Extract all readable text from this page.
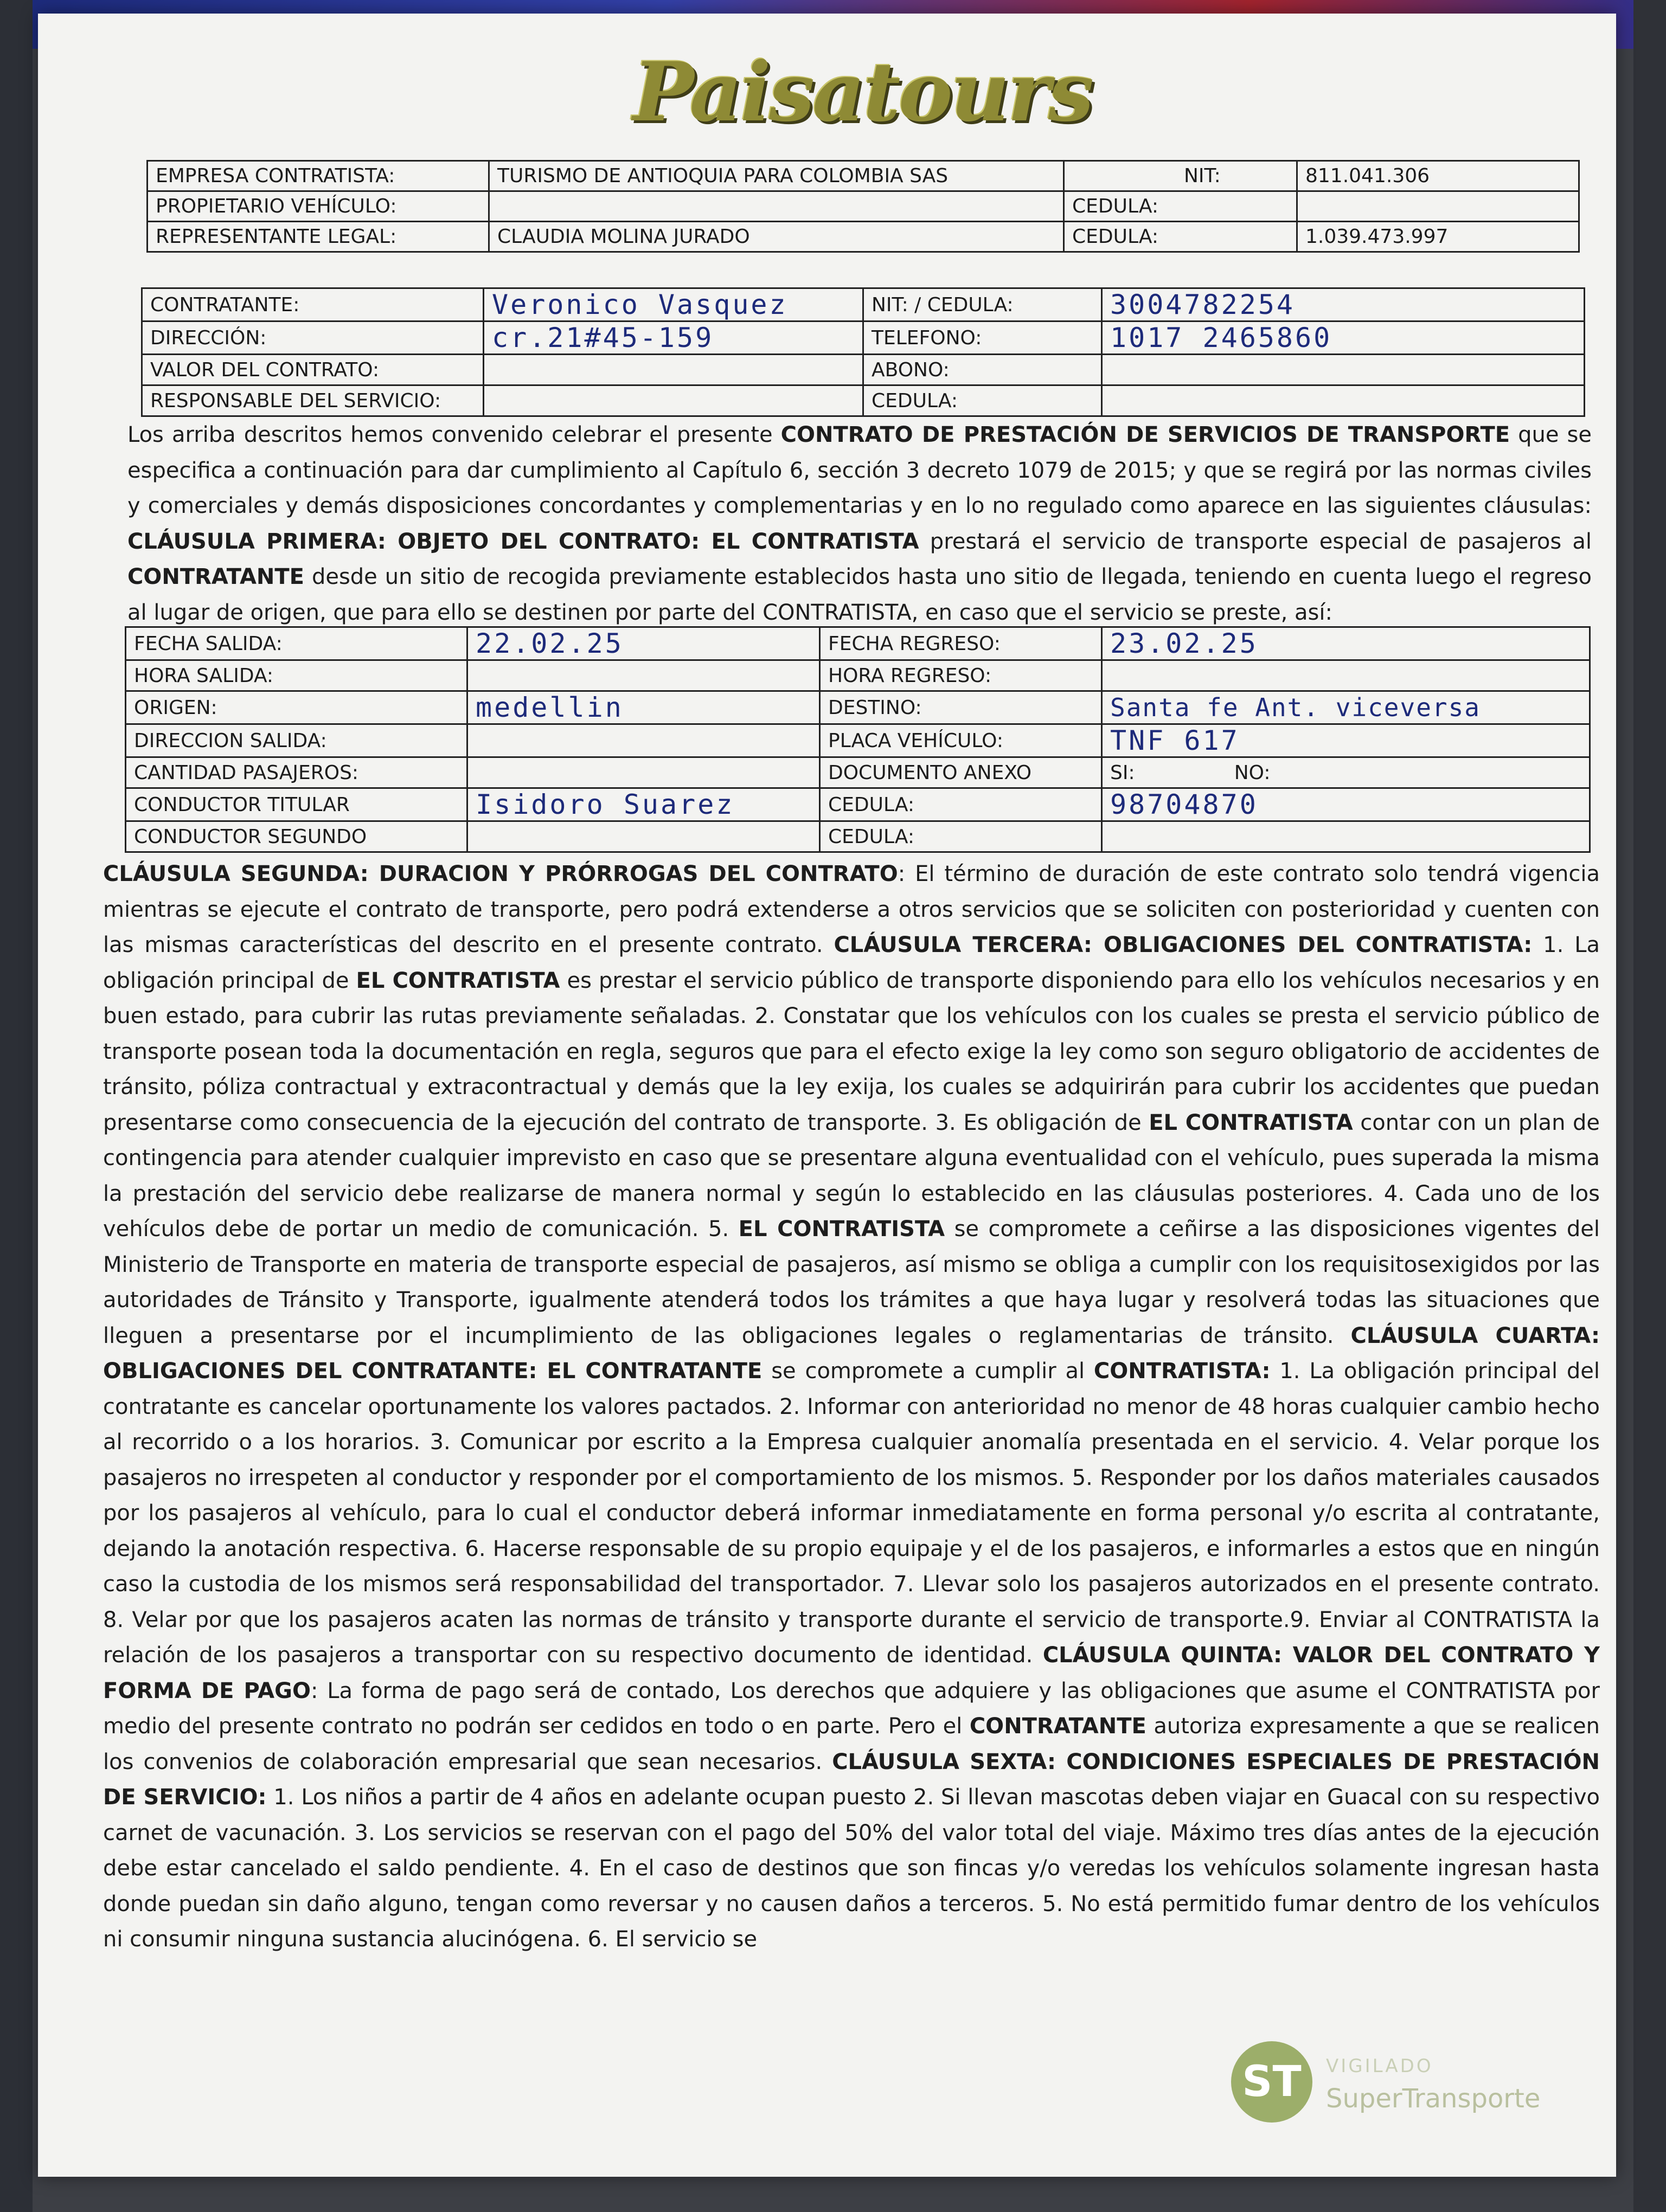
Paisatours
EMPRESA CONTRATISTA:	TURISMO DE ANTIOQUIA PARA COLOMBIA SAS	NIT:	811.041.306
PROPIETARIO VEHÍCULO:		CEDULA:	
REPRESENTANTE LEGAL:	CLAUDIA MOLINA JURADO	CEDULA:	1.039.473.997
CONTRATANTE:	Veronico Vasquez	NIT: / CEDULA:	3004782254
DIRECCIÓN:	cr.21#45-159	TELEFONO:	1017 2465860
VALOR DEL CONTRATO:		ABONO:	
RESPONSABLE DEL SERVICIO:		CEDULA:	

Los arriba descritos hemos convenido celebrar el presente CONTRATO DE PRESTACIÓN DE SERVICIOS DE TRANSPORTE que se especifica a continuación para dar cumplimiento al Capítulo 6, sección 3 decreto 1079 de 2015; y que se regirá por las normas civiles y comerciales y demás disposiciones concordantes y complementarias y en lo no regulado como aparece en las siguientes cláusulas: CLÁUSULA PRIMERA: OBJETO DEL CONTRATO: EL CONTRATISTA prestará el servicio de transporte especial de pasajeros al CONTRATANTE desde un sitio de recogida previamente establecidos hasta uno sitio de llegada, teniendo en cuenta luego el regreso al lugar de origen, que para ello se destinen por parte del CONTRATISTA, en caso que el servicio se preste, así:

FECHA SALIDA:	22.02.25	FECHA REGRESO:	23.02.25
HORA SALIDA:		HORA REGRESO:	
ORIGEN:	medellin	DESTINO:	Santa fe Ant. viceversa
DIRECCION SALIDA:		PLACA VEHÍCULO:	TNF 617
CANTIDAD PASAJEROS:		DOCUMENTO ANEXO	SI:                NO:
CONDUCTOR TITULAR	Isidoro Suarez	CEDULA:	98704870
CONDUCTOR SEGUNDO		CEDULA:	

CLÁUSULA SEGUNDA: DURACION Y PRÓRROGAS DEL CONTRATO: El término de duración de este contrato solo tendrá vigencia mientras se ejecute el contrato de transporte, pero podrá extenderse a otros servicios que se soliciten con posterioridad y cuenten con las mismas características del descrito en el presente contrato. CLÁUSULA TERCERA: OBLIGACIONES DEL CONTRATISTA: 1. La obligación principal de EL CONTRATISTA es prestar el servicio público de transporte disponiendo para ello los vehículos necesarios y en buen estado, para cubrir las rutas previamente señaladas. 2. Constatar que los vehículos con los cuales se presta el servicio público de transporte posean toda la documentación en regla, seguros que para el efecto exige la ley como son seguro obligatorio de accidentes de tránsito, póliza contractual y extracontractual y demás que la ley exija, los cuales se adquirirán para cubrir los accidentes que puedan presentarse como consecuencia de la ejecución del contrato de transporte. 3. Es obligación de EL CONTRATISTA contar con un plan de contingencia para atender cualquier imprevisto en caso que se presentare alguna eventualidad con el vehículo, pues superada la misma la prestación del servicio debe realizarse de manera normal y según lo establecido en las cláusulas posteriores. 4. Cada uno de los vehículos debe de portar un medio de comunicación. 5. EL CONTRATISTA se compromete a ceñirse a las disposiciones vigentes del Ministerio de Transporte en materia de transporte especial de pasajeros, así mismo se obliga a cumplir con los requisitosexigidos por las autoridades de Tránsito y Transporte, igualmente atenderá todos los trámites a que haya lugar y resolverá todas las situaciones que lleguen a presentarse por el incumplimiento de las obligaciones legales o reglamentarias de tránsito. CLÁUSULA CUARTA: OBLIGACIONES DEL CONTRATANTE: EL CONTRATANTE se compromete a cumplir al CONTRATISTA: 1. La obligación principal del contratante es cancelar oportunamente los valores pactados. 2. Informar con anterioridad no menor de 48 horas cualquier cambio hecho al recorrido o a los horarios. 3. Comunicar por escrito a la Empresa cualquier anomalía presentada en el servicio. 4. Velar porque los pasajeros no irrespeten al conductor y responder por el comportamiento de los mismos. 5. Responder por los daños materiales causados por los pasajeros al vehículo, para lo cual el conductor deberá informar inmediatamente en forma personal y/o escrita al contratante, dejando la anotación respectiva. 6. Hacerse responsable de su propio equipaje y el de los pasajeros, e informarles a estos que en ningún caso la custodia de los mismos será responsabilidad del transportador. 7. Llevar solo los pasajeros autorizados en el presente contrato. 8. Velar por que los pasajeros acaten las normas de tránsito y transporte durante el servicio de transporte.9. Enviar al CONTRATISTA la relación de los pasajeros a transportar con su respectivo documento de identidad. CLÁUSULA QUINTA: VALOR DEL CONTRATO Y FORMA DE PAGO: La forma de pago será de contado, Los derechos que adquiere y las obligaciones que asume el CONTRATISTA por medio del presente contrato no podrán ser cedidos en todo o en parte. Pero el CONTRATANTE autoriza expresamente a que se realicen los convenios de colaboración empresarial que sean necesarios. CLÁUSULA SEXTA: CONDICIONES ESPECIALES DE PRESTACIÓN DE SERVICIO: 1. Los niños a partir de 4 años en adelante ocupan puesto 2. Si llevan mascotas deben viajar en Guacal con su respectivo carnet de vacunación. 3. Los servicios se reservan con el pago del 50% del valor total del viaje. Máximo tres días antes de la ejecución debe estar cancelado el saldo pendiente. 4. En el caso de destinos que son fincas y/o veredas los vehículos solamente ingresan hasta donde puedan sin daño alguno, tengan como reversar y no causen daños a terceros. 5. No está permitido fumar dentro de los vehículos ni consumir ninguna sustancia alucinógena. 6. El servicio se

ST	VIGILADO
SuperTransporte
